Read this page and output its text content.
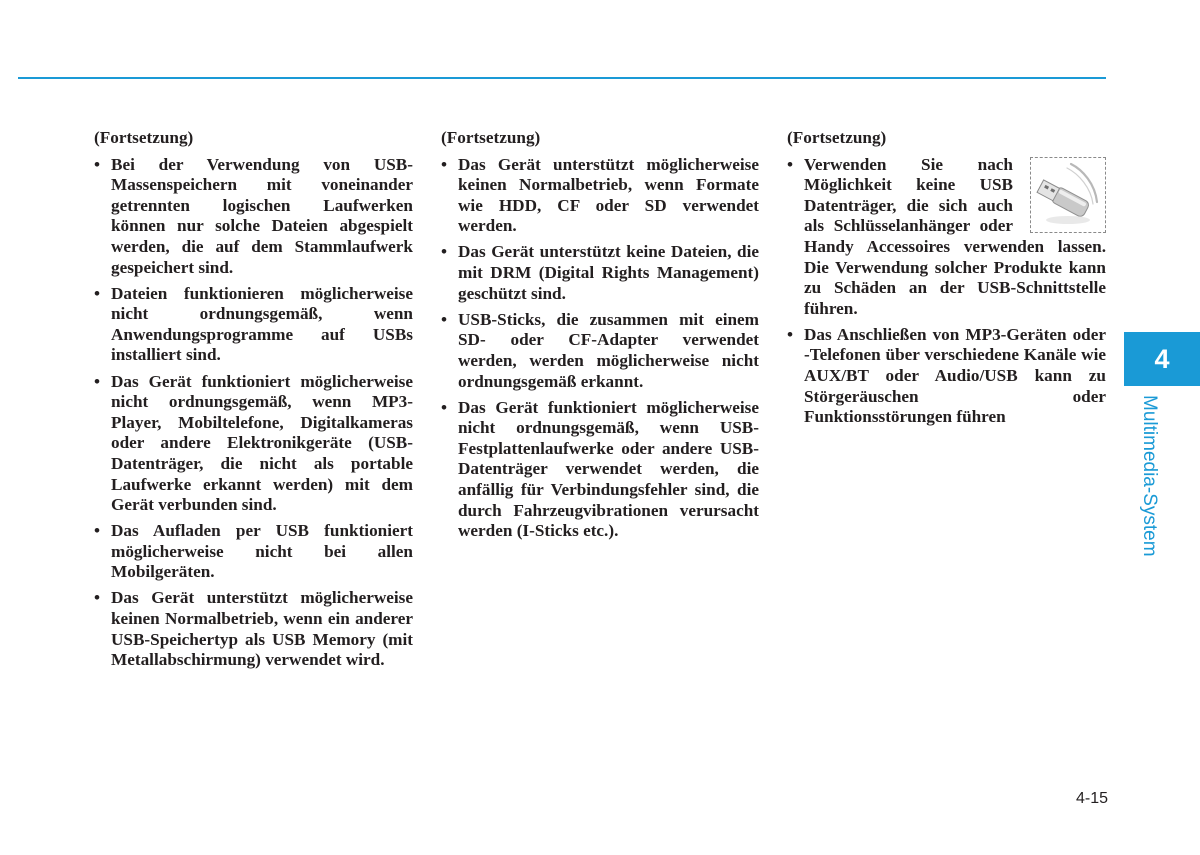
(Fortsetzung)

• Bei der Verwendung von USB-Massenspeichern mit voneinander getrennten logischen Laufwerken können nur solche Dateien abgespielt werden, die auf dem Stammlaufwerk gespeichert sind.
• Dateien funktionieren möglicherweise nicht ordnungsgemäß, wenn Anwendungsprogramme auf USBs installiert sind.
• Das Gerät funktioniert möglicherweise nicht ordnungsgemäß, wenn MP3-Player, Mobiltelefone, Digitalkameras oder andere Elektronikgeräte (USB-Datenträger, die nicht als portable Laufwerke erkannt werden) mit dem Gerät verbunden sind.
• Das Aufladen per USB funktioniert möglicherweise nicht bei allen Mobilgeräten.
• Das Gerät unterstützt möglicherweise keinen Normalbetrieb, wenn ein anderer USB-Speichertyp als USB Memory (mit Metallabschirmung) verwendet wird.

(Fortsetzung)

• Das Gerät unterstützt möglicherweise keinen Normalbetrieb, wenn Formate wie HDD, CF oder SD verwendet werden.
• Das Gerät unterstützt keine Dateien, die mit DRM (Digital Rights Management) geschützt sind.
• USB-Sticks, die zusammen mit einem SD- oder CF-Adapter verwendet werden, werden möglicherweise nicht ordnungsgemäß erkannt.
• Das Gerät funktioniert möglicherweise nicht ordnungsgemäß, wenn USB-Festplattenlaufwerke oder andere USB-Datenträger verwendet werden, die anfällig für Verbindungsfehler sind, die durch Fahrzeugvibrationen verursacht werden (I-Sticks etc.).

(Fortsetzung)

• Verwenden Sie nach Möglichkeit keine USB Datenträger, die sich auch als Schlüsselanhänger oder Handy Accessoires verwenden lassen. Die Verwendung solcher Produkte kann zu Schäden an der USB-Schnittstelle führen.
• Das Anschließen von MP3-Geräten oder -Telefonen über verschiedene Kanäle wie AUX/BT oder Audio/USB kann zu Störgeräuschen oder Funktionsstörungen führen
4
Multimedia-System
4-15
